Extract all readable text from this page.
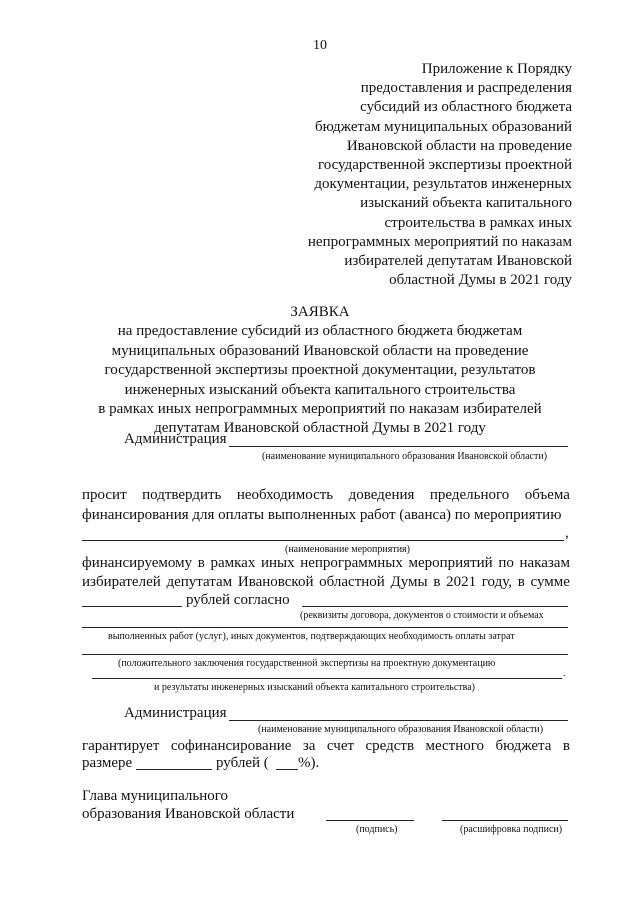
10
Приложение к Порядку
предоставления и распределения
субсидий из областного бюджета
бюджетам муниципальных образований
Ивановской области на проведение
государственной экспертизы проектной
документации, результатов инженерных
изысканий объекта капитального
строительства в рамках иных
непрограммных мероприятий по наказам
избирателей депутатам Ивановской
областной Думы в 2021 году
ЗАЯВКА
на предоставление субсидий из областного бюджета бюджетам
муниципальных образований Ивановской области на проведение
государственной экспертизы проектной документации, результатов
инженерных изысканий объекта капитального строительства
в рамках иных непрограммных мероприятий по наказам избирателей
депутатам Ивановской областной Думы в 2021 году
Администрация
(наименование муниципального образования Ивановской области)
просит подтвердить необходимость доведения предельного объема
финансирования для оплаты выполненных работ (аванса) по мероприятию
,
(наименование мероприятия)
финансируемому в рамках иных непрограммных мероприятий по наказам
избирателей депутатам Ивановской областной Думы в 2021 году, в сумме
рублей согласно
(реквизиты договора, документов о стоимости и объемах
выполненных работ (услуг), иных документов, подтверждающих необходимость оплаты затрат
(положительного заключения государственной экспертизы на проектную документацию
.
и результаты инженерных изысканий объекта капитального строительства)
Администрация
(наименование муниципального образования Ивановской области)
гарантирует софинансирование за счет средств местного бюджета в
размере	рублей ( %).
Глава муниципального
образования Ивановской области
(подпись)	(расшифровка подписи)
